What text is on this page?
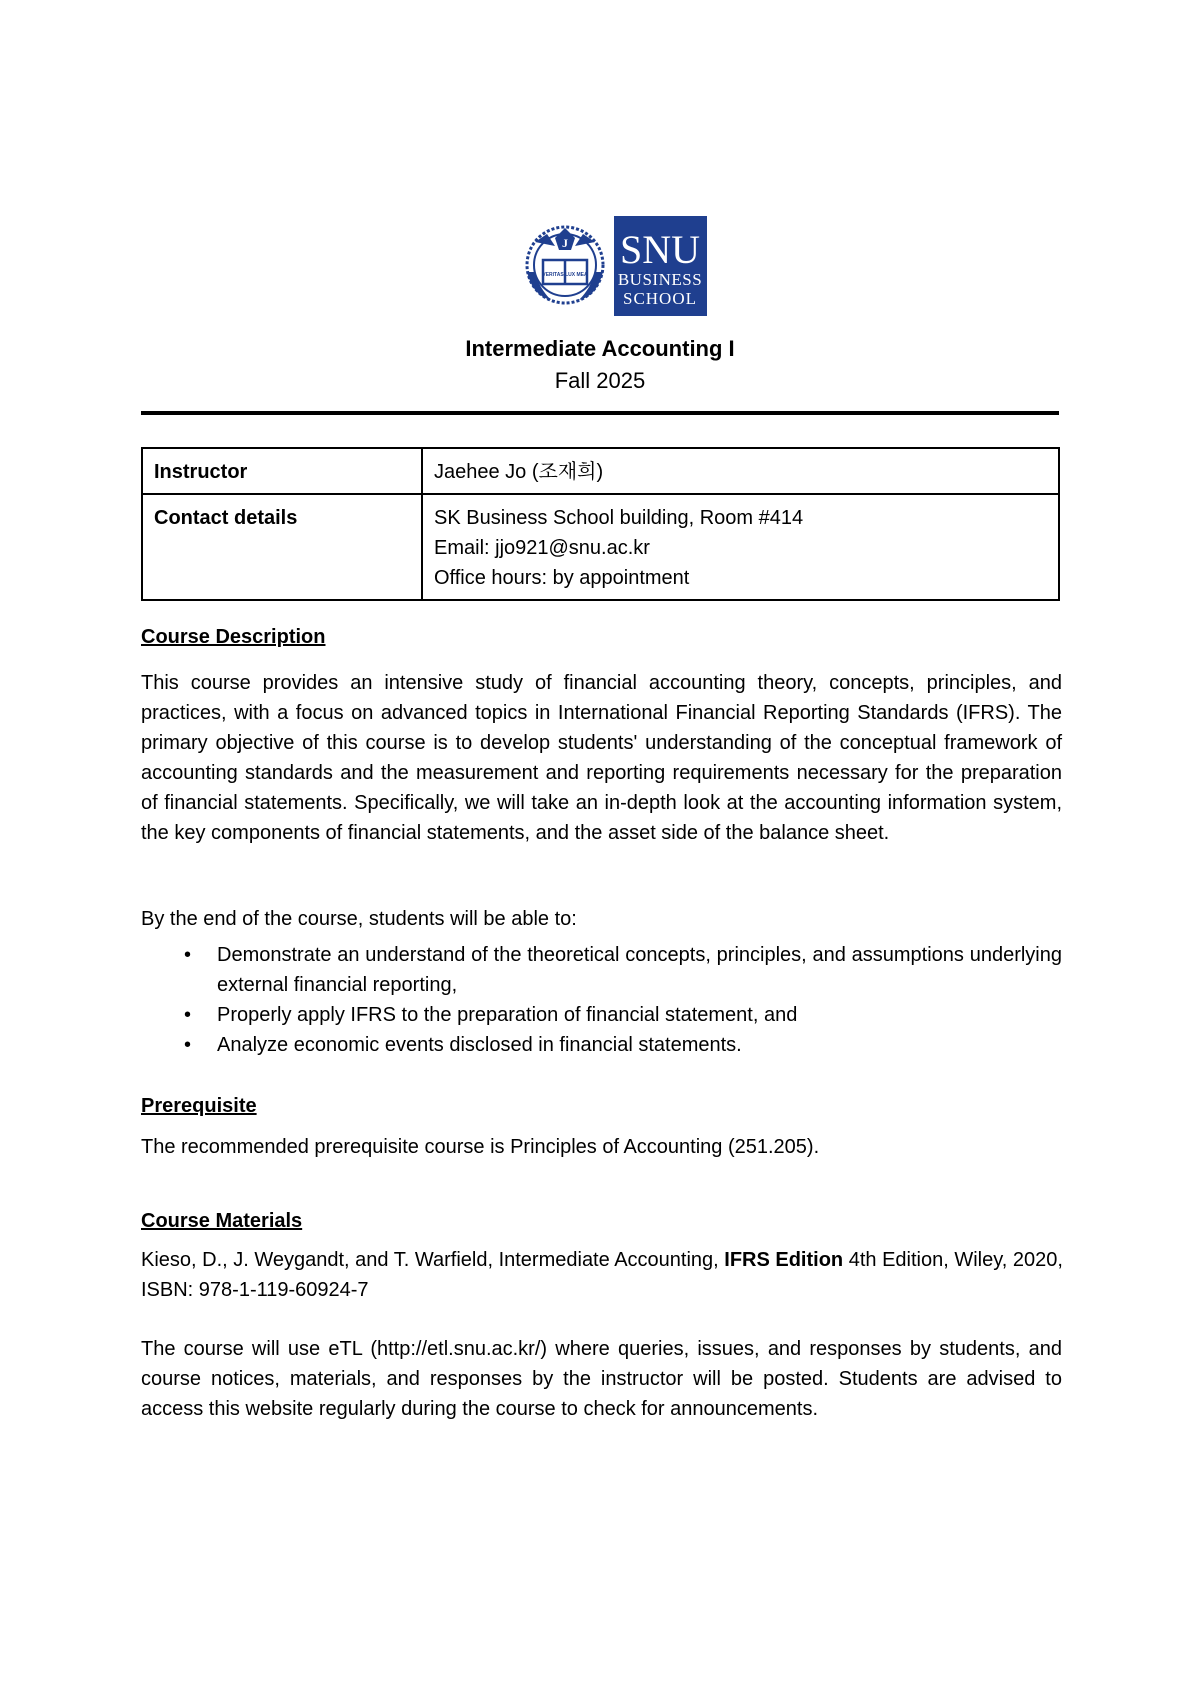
J
VERITAS LUX MEA
SNU
BUSINESS
SCHOOL
Intermediate Accounting I
Fall 2025
Instructor	Jaehee Jo (조재희)
Contact details	SK Business School building, Room #414
Email: jjo921@snu.ac.kr
Office hours: by appointment
Course Description
This course provides an intensive study of financial accounting theory, concepts, principles, and practices, with a focus on advanced topics in International Financial Reporting Standards (IFRS). The primary objective of this course is to develop students' understanding of the conceptual framework of accounting standards and the measurement and reporting requirements necessary for the preparation of financial statements. Specifically, we will take an in-depth look at the accounting information system, the key components of financial statements, and the asset side of the balance sheet.
By the end of the course, students will be able to:
• Demonstrate an understand of the theoretical concepts, principles, and assumptions underlying external financial reporting,
• Properly apply IFRS to the preparation of financial statement, and
• Analyze economic events disclosed in financial statements.
Prerequisite
The recommended prerequisite course is Principles of Accounting (251.205).
Course Materials
Kieso, D., J. Weygandt, and T. Warfield, Intermediate Accounting, IFRS Edition 4th Edition, Wiley, 2020, ISBN: 978-1-119-60924-7
The course will use eTL (http://etl.snu.ac.kr/) where queries, issues, and responses by students, and course notices, materials, and responses by the instructor will be posted. Students are advised to access this website regularly during the course to check for announcements.
